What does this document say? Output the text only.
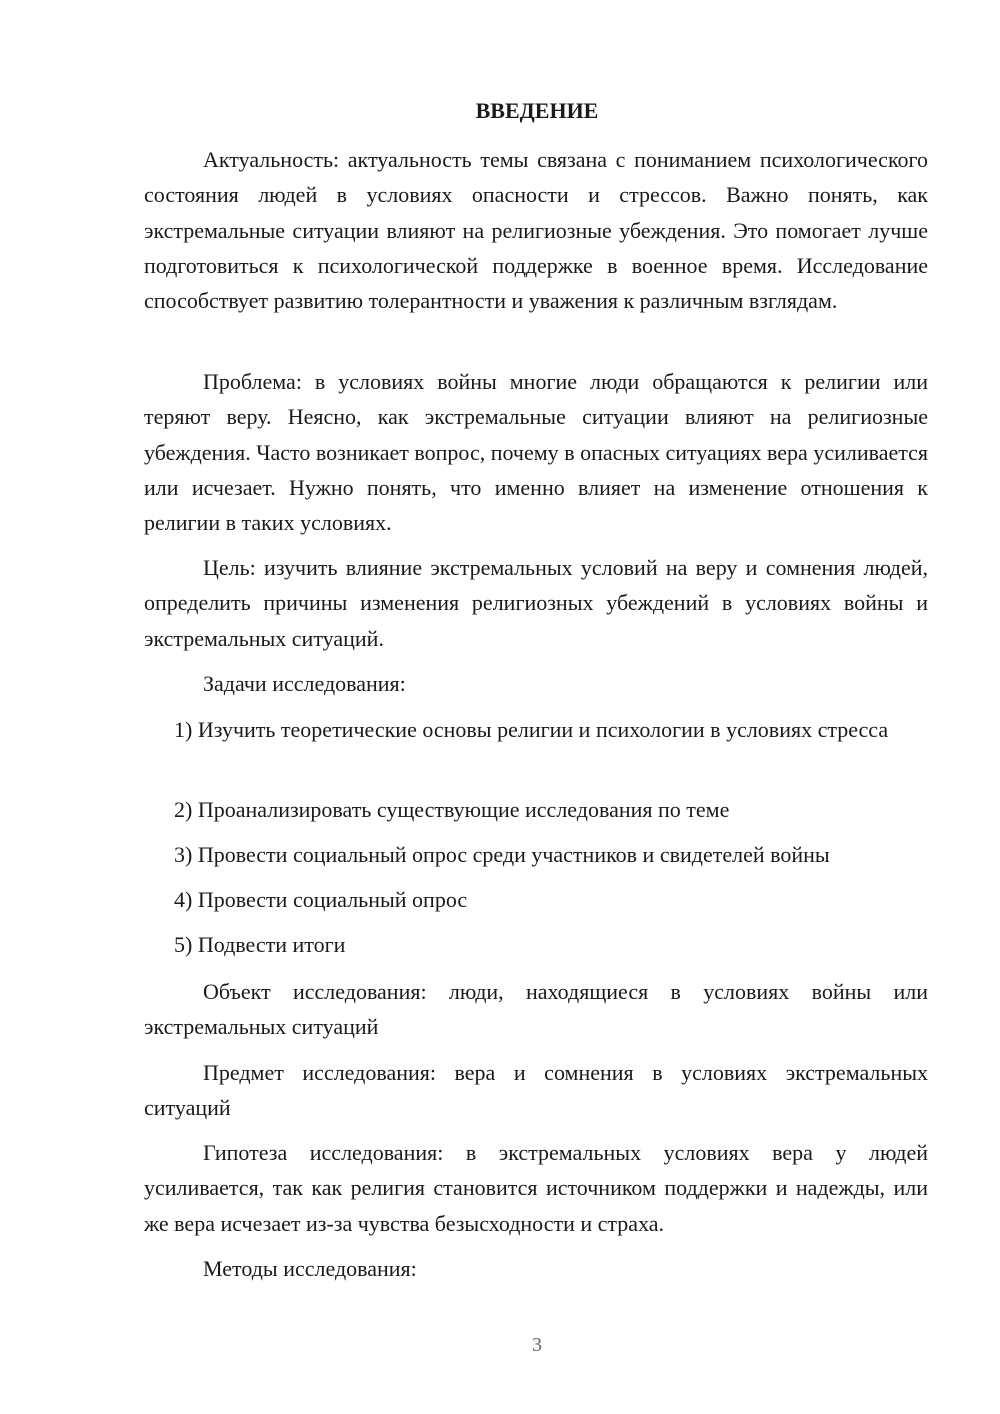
ВВЕДЕНИЕ

Актуальность: актуальность темы связана с пониманием психологического состояния людей в условиях опасности и стрессов. Важно понять, как экстремальные ситуации влияют на религиозные убеждения. Это помогает лучше подготовиться к психологической поддержке в военное время. Исследование способствует развитию толерантности и уважения к различным взглядам.

Проблема: в условиях войны многие люди обращаются к религии или теряют веру. Неясно, как экстремальные ситуации влияют на религиозные убеждения. Часто возникает вопрос, почему в опасных ситуациях вера усиливается или исчезает. Нужно понять, что именно влияет на изменение отношения к религии в таких условиях.

Цель: изучить влияние экстремальных условий на веру и сомнения людей, определить причины изменения религиозных убеждений в условиях войны и экстремальных ситуаций.

Задачи исследования:

1) Изучить теоретические основы религии и психологии в условиях стресса

2) Проанализировать существующие исследования по теме

3) Провести социальный опрос среди участников и свидетелей войны

4) Провести социальный опрос

5) Подвести итоги

Объект исследования: люди, находящиеся в условиях войны или экстремальных ситуаций

Предмет исследования: вера и сомнения в условиях экстремальных ситуаций

Гипотеза исследования: в экстремальных условиях вера у людей усиливается, так как религия становится источником поддержки и надежды, или же вера исчезает из-за чувства безысходности и страха.

Методы исследования:

3
